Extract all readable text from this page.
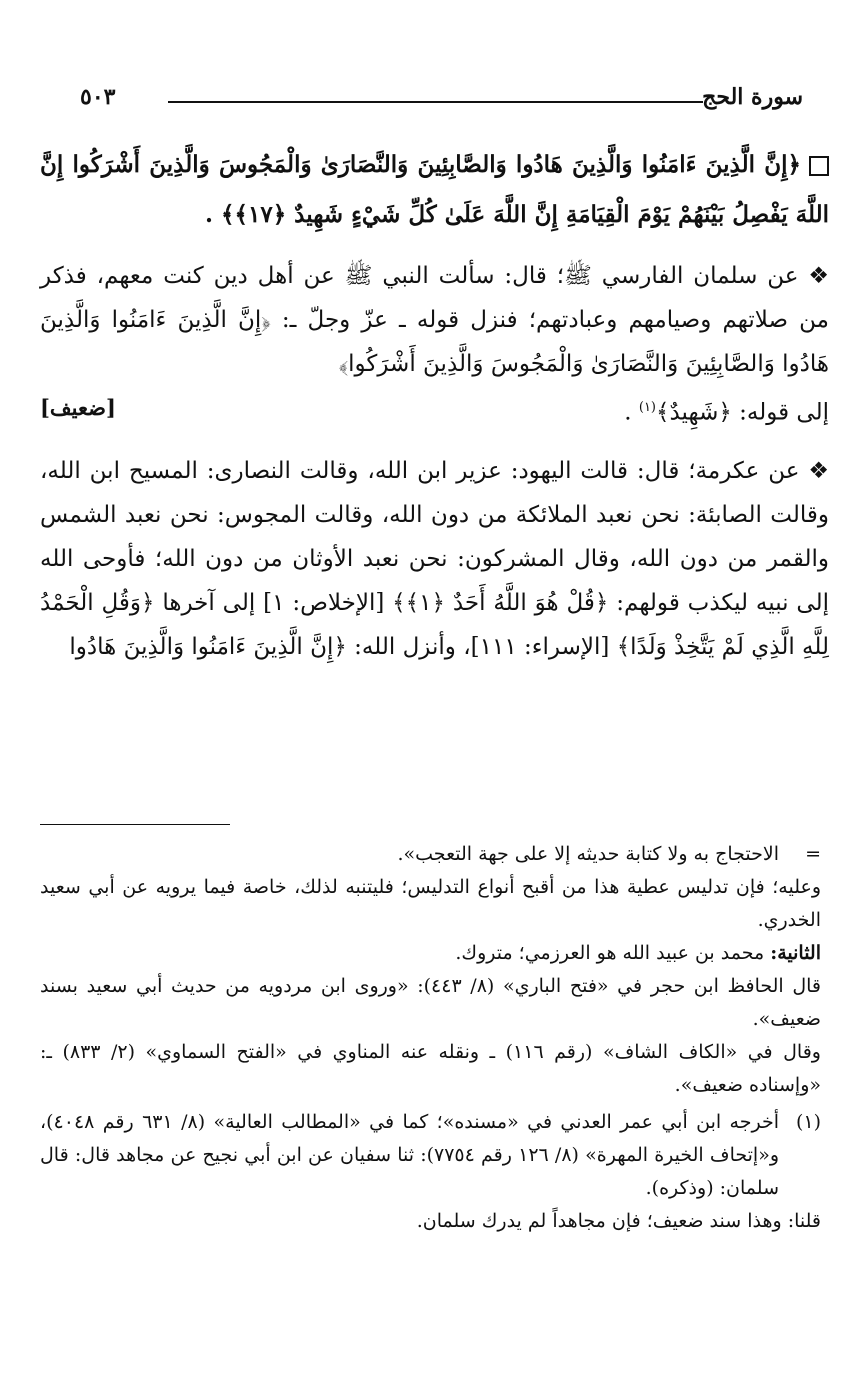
سورة الحج
٥٠٣

﴿إِنَّ الَّذِينَ ءَامَنُوا وَالَّذِينَ هَادُوا وَالصَّابِئِينَ وَالنَّصَارَىٰ وَالْمَجُوسَ وَالَّذِينَ أَشْرَكُوا إِنَّ اللَّهَ يَفْصِلُ بَيْنَهُمْ يَوْمَ الْقِيَامَةِ إِنَّ اللَّهَ عَلَىٰ كُلِّ شَيْءٍ شَهِيدٌ ﴿١٧﴾﴾ .

❖ عن سلمان الفارسي ﷺ؛ قال: سألت النبي ﷺ عن أهل دين كنت معهم، فذكر من صلاتهم وصيامهم وعبادتهم؛ فنزل قوله ـ عزّ وجلّ ـ: ﴿إِنَّ الَّذِينَ ءَامَنُوا وَالَّذِينَ هَادُوا وَالصَّابِئِينَ وَالنَّصَارَىٰ وَالْمَجُوسَ وَالَّذِينَ أَشْرَكُوا﴾

[ضعيف]	إلى قوله: ﴿شَهِيدٌ﴾$^{(١)}$ .

❖ عن عكرمة؛ قال: قالت اليهود: عزير ابن الله، وقالت النصارى: المسيح ابن الله، وقالت الصابئة: نحن نعبد الملائكة من دون الله، وقالت المجوس: نحن نعبد الشمس والقمر من دون الله، وقال المشركون: نحن نعبد الأوثان من دون الله؛ فأوحى الله إلى نبيه ليكذب قولهم: ﴿قُلْ هُوَ اللَّهُ أَحَدٌ ﴿١﴾﴾ [الإخلاص: ١] إلى آخرها ﴿وَقُلِ الْحَمْدُ لِلَّهِ الَّذِي لَمْ يَتَّخِذْ وَلَدًا﴾ [الإسراء: ١١١]، وأنزل الله: ﴿إِنَّ الَّذِينَ ءَامَنُوا وَالَّذِينَ هَادُوا

=
الاحتجاج به ولا كتابة حديثه إلا على جهة التعجب».

وعليه؛ فإن تدليس عطية هذا من أقبح أنواع التدليس؛ فليتنبه لذلك، خاصة فيما يرويه عن أبي سعيد الخدري.

الثانية: محمد بن عبيد الله هو العرزمي؛ متروك.

قال الحافظ ابن حجر في «فتح الباري» (٨/ ٤٤٣): «وروى ابن مردويه من حديث أبي سعيد بسند ضعيف».

وقال في «الكاف الشاف» (رقم ١١٦) ـ ونقله عنه المناوي في «الفتح السماوي» (٢/ ٨٣٣) ـ: «وإسناده ضعيف».

(١)
أخرجه ابن أبي عمر العدني في «مسنده»؛ كما في «المطالب العالية» (٨/ ٦٣١ رقم ٤٠٤٨)، و«إتحاف الخيرة المهرة» (٨/ ١٢٦ رقم ٧٧٥٤): ثنا سفيان عن ابن أبي نجيح عن مجاهد قال: قال سلمان: (وذكره).

قلنا: وهذا سند ضعيف؛ فإن مجاهداً لم يدرك سلمان.
